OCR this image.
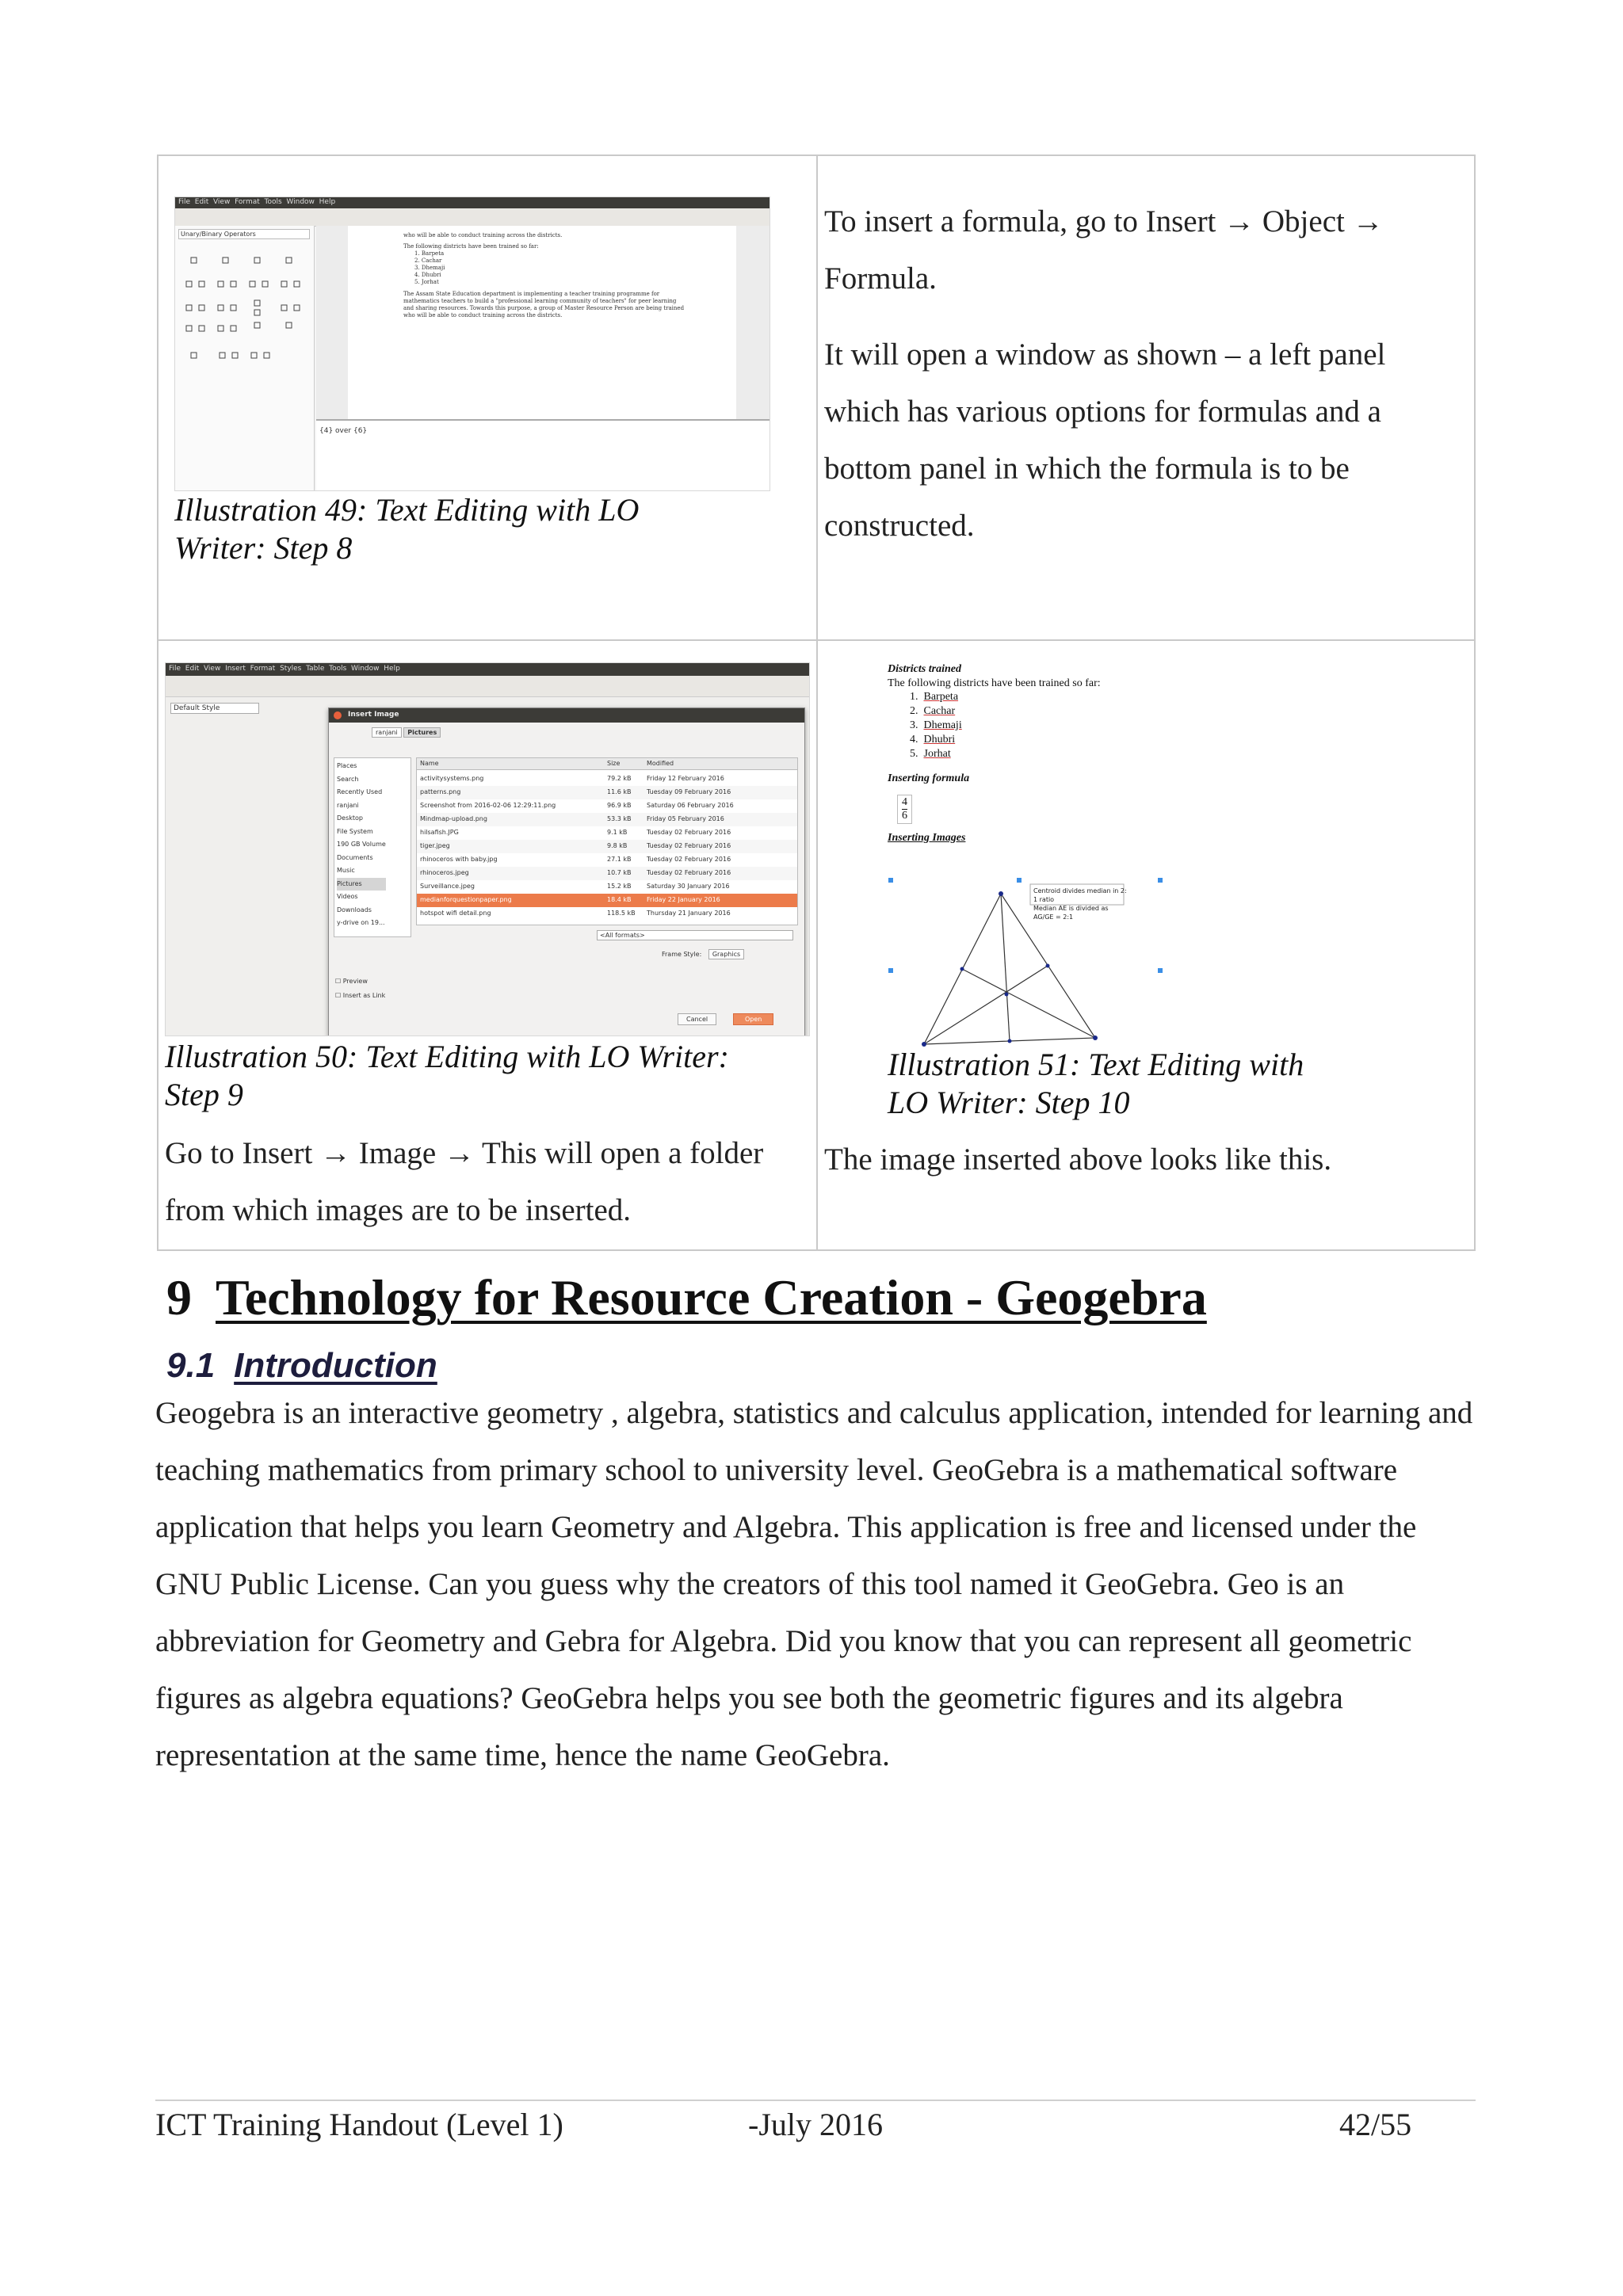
File Edit View Format Tools Window Help
Unary/Binary Operators	who will be able to conduct training across the districts.
The following districts have been trained so far:
1. Barpeta
2. Cachar
3. Dhemaji
4. Dhubri
5. Jorhat
The Assam State Education department is implementing a teacher training programme for
mathematics teachers to build a "professional learning community of teachers" for peer learning
and sharing resources. Towards this purpose, a group of Master Resource Person are being trained
who will be able to conduct training across the districts.
{4} over {6}
Illustration 49: Text Editing with LO Writer: Step 8

To insert a formula, go to Insert → Object → Formula.

It will open a window as shown – a left panel which has various options for formulas and a bottom panel in which the formula is to be constructed.

File Edit View Insert Format Styles Table Tools Window Help
Default Style
Insert Image
ranjani Pictures
Places
Search
Recently Used
ranjani
Desktop
File System
190 GB Volume
Documents
Music
Pictures
Videos
Downloads
y-drive on 19...
Name	Size	Modified
activitysystems.png	79.2 kB Friday 12 February 2016
patterns.png	11.6 kB Tuesday 09 February 2016
Screenshot from 2016-02-06 12:29:11.png	96.9 kB Saturday 06 February 2016
Mindmap-upload.png	53.3 kB Friday 05 February 2016
hilsafish.JPG	9.1 kB	Tuesday 02 February 2016
tiger.jpeg	9.8 kB	Tuesday 02 February 2016
rhinoceros with baby.jpg	27.1 kB Tuesday 02 February 2016
rhinoceros.jpeg	10.7 kB Tuesday 02 February 2016
Surveillance.jpeg	15.2 kB Saturday 30 January 2016
medianforquestionpaper.png	18.4 kB Friday 22 January 2016
hotspot wifi detail.png	118.5 kB Thursday 21 January 2016
<All formats>
Frame Style: Graphics
☐ Preview
☐ Insert as Link
Cancel	Open
Illustration 50: Text Editing with LO Writer: Step 9

Go to Insert → Image → This will open a folder from which images are to be inserted.

Districts trained
The following districts have been trained so far:
1.  Barpeta
2.  Cachar
3.  Dhemaji
4.  Dhubri
5.  Jorhat
Inserting formula
$\frac{4}{6}$
Inserting Images
Centroid divides median in 2: 1 ratio
Median AE is divided as AG/GE = 2:1
Illustration 51: Text Editing with LO Writer: Step 10

The image inserted above looks like this.

9 Technology for Resource Creation - Geogebra
9.1 Introduction
Geogebra is an interactive geometry , algebra, statistics and calculus application, intended for learning and teaching mathematics from primary school to university level. GeoGebra is a mathematical software application that helps you learn Geometry and Algebra. This application is free and licensed under the GNU Public License. Can you guess why the creators of this tool named it GeoGebra. Geo is an abbreviation for Geometry and Gebra for Algebra. Did you know that you can represent all geometric figures as algebra equations? GeoGebra helps you see both the geometric figures and its algebra representation at the same time, hence the name GeoGebra.
ICT Training Handout (Level 1)	-July 2016	42/55
